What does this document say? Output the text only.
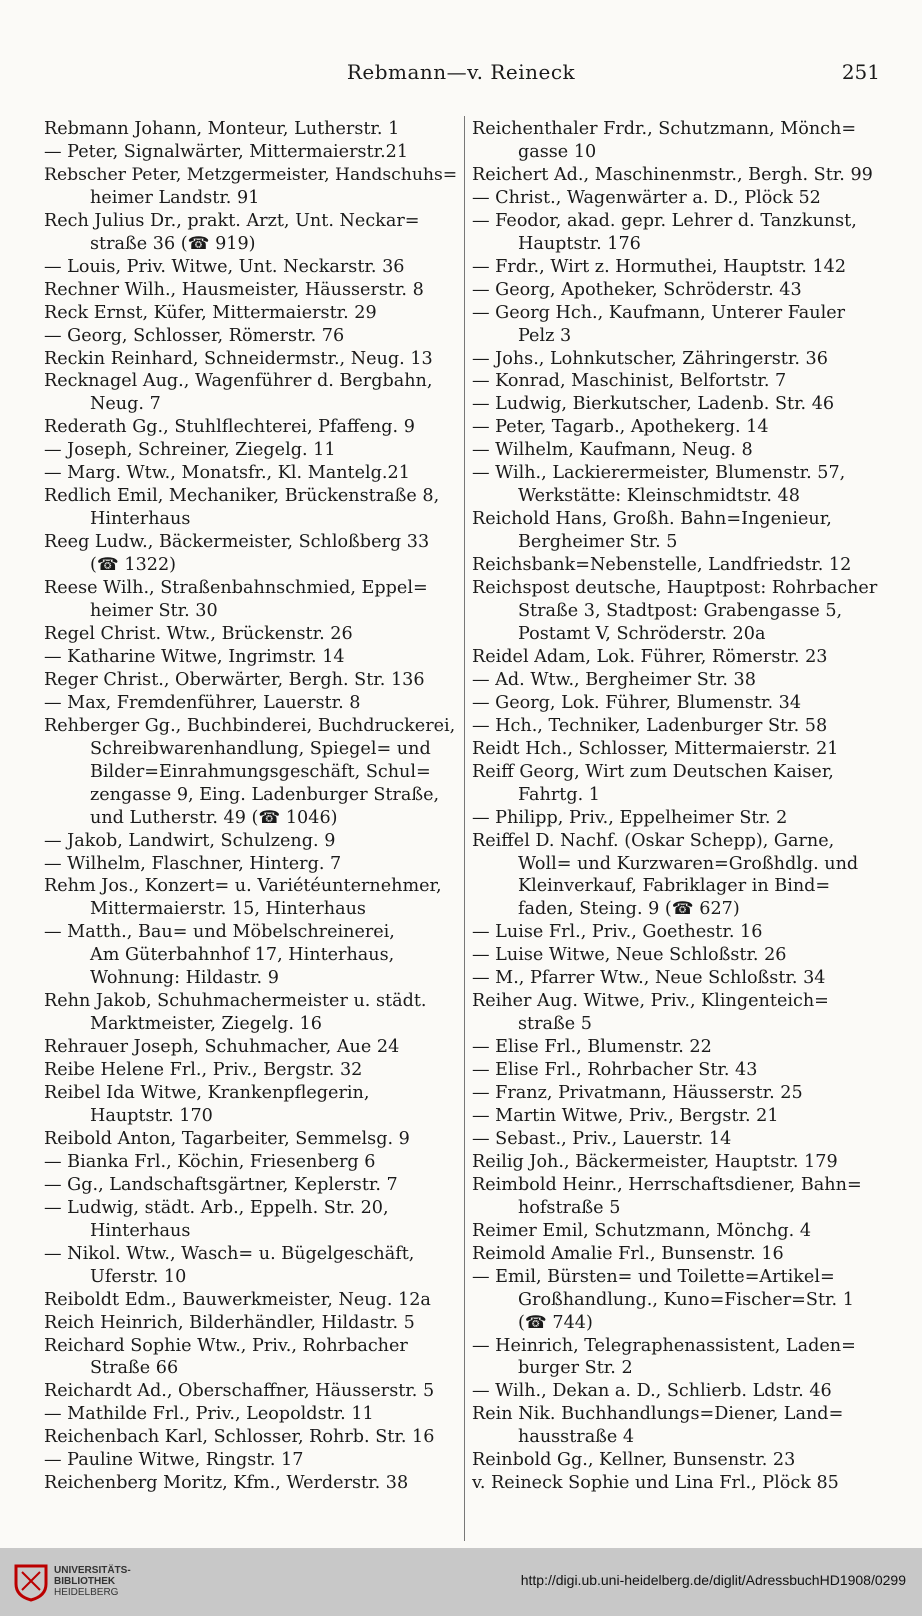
Rebmann—v. Reineck	251
Rebmann Johann, Monteur, Lutherstr. 1
— Peter, Signalwärter, Mittermaierstr.21
Rebscher Peter, Metzgermeister, Handschuhs=
heimer Landstr. 91
Rech Julius Dr., prakt. Arzt, Unt. Neckar=
straße 36 (☎ 919)
— Louis, Priv. Witwe, Unt. Neckarstr. 36
Rechner Wilh., Hausmeister, Häusserstr. 8
Reck Ernst, Küfer, Mittermaierstr. 29
— Georg, Schlosser, Römerstr. 76
Reckin Reinhard, Schneidermstr., Neug. 13
Recknagel Aug., Wagenführer d. Bergbahn,
Neug. 7
Rederath Gg., Stuhlflechterei, Pfaffeng. 9
— Joseph, Schreiner, Ziegelg. 11
— Marg. Wtw., Monatsfr., Kl. Mantelg.21
Redlich Emil, Mechaniker, Brückenstraße 8,
Hinterhaus
Reeg Ludw., Bäckermeister, Schloßberg 33
(☎ 1322)
Reese Wilh., Straßenbahnschmied, Eppel=
heimer Str. 30
Regel Christ. Wtw., Brückenstr. 26
— Katharine Witwe, Ingrimstr. 14
Reger Christ., Oberwärter, Bergh. Str. 136
— Max, Fremdenführer, Lauerstr. 8
Rehberger Gg., Buchbinderei, Buchdruckerei,
Schreibwarenhandlung, Spiegel= und
Bilder=Einrahmungsgeschäft, Schul=
zengasse 9, Eing. Ladenburger Straße,
und Lutherstr. 49 (☎ 1046)
— Jakob, Landwirt, Schulzeng. 9
— Wilhelm, Flaschner, Hinterg. 7
Rehm Jos., Konzert= u. Variétéunternehmer,
Mittermaierstr. 15, Hinterhaus
— Matth., Bau= und Möbelschreinerei,
Am Güterbahnhof 17, Hinterhaus,
Wohnung: Hildastr. 9
Rehn Jakob, Schuhmachermeister u. städt.
Marktmeister, Ziegelg. 16
Rehrauer Joseph, Schuhmacher, Aue 24
Reibe Helene Frl., Priv., Bergstr. 32
Reibel Ida Witwe, Krankenpflegerin,
Hauptstr. 170
Reibold Anton, Tagarbeiter, Semmelsg. 9
— Bianka Frl., Köchin, Friesenberg 6
— Gg., Landschaftsgärtner, Keplerstr. 7
— Ludwig, städt. Arb., Eppelh. Str. 20,
Hinterhaus
— Nikol. Wtw., Wasch= u. Bügelgeschäft,
Uferstr. 10
Reiboldt Edm., Bauwerkmeister, Neug. 12a
Reich Heinrich, Bilderhändler, Hildastr. 5
Reichard Sophie Wtw., Priv., Rohrbacher
Straße 66
Reichardt Ad., Oberschaffner, Häusserstr. 5
— Mathilde Frl., Priv., Leopoldstr. 11
Reichenbach Karl, Schlosser, Rohrb. Str. 16
— Pauline Witwe, Ringstr. 17
Reichenberg Moritz, Kfm., Werderstr. 38
Reichenthaler Frdr., Schutzmann, Mönch=
gasse 10
Reichert Ad., Maschinenmstr., Bergh. Str. 99
— Christ., Wagenwärter a. D., Plöck 52
— Feodor, akad. gepr. Lehrer d. Tanzkunst,
Hauptstr. 176
— Frdr., Wirt z. Hormuthei, Hauptstr. 142
— Georg, Apotheker, Schröderstr. 43
— Georg Hch., Kaufmann, Unterer Fauler
Pelz 3
— Johs., Lohnkutscher, Zähringerstr. 36
— Konrad, Maschinist, Belfortstr. 7
— Ludwig, Bierkutscher, Ladenb. Str. 46
— Peter, Tagarb., Apothekerg. 14
— Wilhelm, Kaufmann, Neug. 8
— Wilh., Lackierermeister, Blumenstr. 57,
Werkstätte: Kleinschmidtstr. 48
Reichold Hans, Großh. Bahn=Ingenieur,
Bergheimer Str. 5
Reichsbank=Nebenstelle, Landfriedstr. 12
Reichspost deutsche, Hauptpost: Rohrbacher
Straße 3, Stadtpost: Grabengasse 5,
Postamt V, Schröderstr. 20a
Reidel Adam, Lok. Führer, Römerstr. 23
— Ad. Wtw., Bergheimer Str. 38
— Georg, Lok. Führer, Blumenstr. 34
— Hch., Techniker, Ladenburger Str. 58
Reidt Hch., Schlosser, Mittermaierstr. 21
Reiff Georg, Wirt zum Deutschen Kaiser,
Fahrtg. 1
— Philipp, Priv., Eppelheimer Str. 2
Reiffel D. Nachf. (Oskar Schepp), Garne,
Woll= und Kurzwaren=Großhdlg. und
Kleinverkauf, Fabriklager in Bind=
faden, Steing. 9 (☎ 627)
— Luise Frl., Priv., Goethestr. 16
— Luise Witwe, Neue Schloßstr. 26
— M., Pfarrer Wtw., Neue Schloßstr. 34
Reiher Aug. Witwe, Priv., Klingenteich=
straße 5
— Elise Frl., Blumenstr. 22
— Elise Frl., Rohrbacher Str. 43
— Franz, Privatmann, Häusserstr. 25
— Martin Witwe, Priv., Bergstr. 21
— Sebast., Priv., Lauerstr. 14
Reilig Joh., Bäckermeister, Hauptstr. 179
Reimbold Heinr., Herrschaftsdiener, Bahn=
hofstraße 5
Reimer Emil, Schutzmann, Mönchg. 4
Reimold Amalie Frl., Bunsenstr. 16
— Emil, Bürsten= und Toilette=Artikel=
Großhandlung., Kuno=Fischer=Str. 1
(☎ 744)
— Heinrich, Telegraphenassistent, Laden=
burger Str. 2
— Wilh., Dekan a. D., Schlierb. Ldstr. 46
Rein Nik. Buchhandlungs=Diener, Land=
hausstraße 4
Reinbold Gg., Kellner, Bunsenstr. 23
v. Reineck Sophie und Lina Frl., Plöck 85
UNIVERSITÄTS-
BIBLIOTHEK
HEIDELBERG
http://digi.ub.uni-heidelberg.de/diglit/AdressbuchHD1908/0299
